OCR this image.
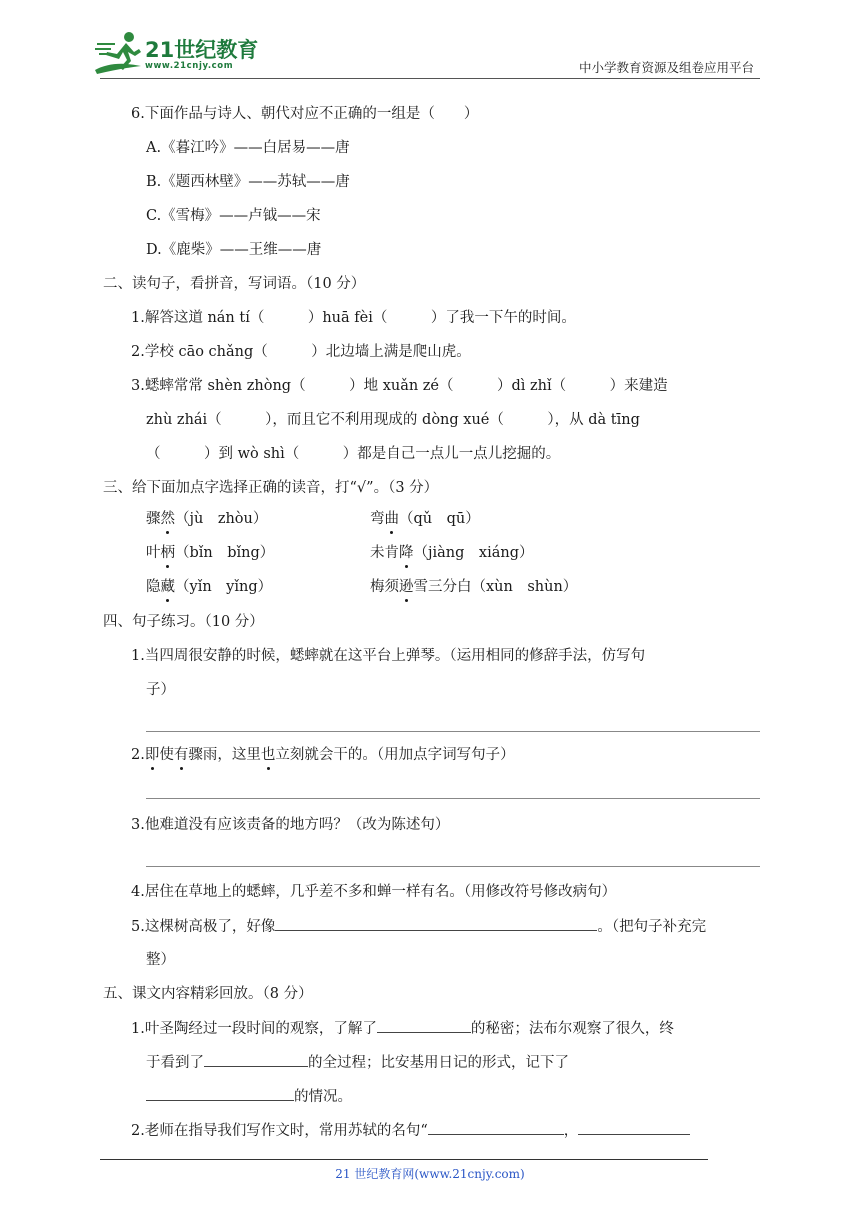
21世纪教育
www.21cnjy.com	中小学教育资源及组卷应用平台
6.下面作品与诗人、朝代对应不正确的一组是（　　）
A.《暮江吟》——白居易——唐
B.《题西林壁》——苏轼——唐
C.《雪梅》——卢钺——宋
D.《鹿柴》——王维——唐
二、读句子，看拼音，写词语。（10 分）
1.解答这道 nán tí（　　　）huā fèi（　　　）了我一下午的时间。
2.学校 cāo chǎng（　　　）北边墙上满是爬山虎。
3.蟋蟀常常 shèn zhòng（　　　）地 xuǎn zé（　　　）dì zhǐ（　　　）来建造
zhù zhái（　　　），而且它不利用现成的 dòng xué（　　　），从 dà tīng
（　　　）到 wò shì（　　　）都是自己一点儿一点儿挖掘的。
三、给下面加点字选择正确的读音，打“√”。（3 分）
骤然（jù　zhòu）	弯曲（qǔ　qū）
叶柄（bǐn　bǐng）	未肯降（jiàng　xiáng）
隐藏（yǐn　yǐng）	梅须逊雪三分白（xùn　shùn）
四、句子练习。（10 分）
1.当四周很安静的时候，蟋蟀就在这平台上弹琴。（运用相同的修辞手法，仿写句
子）
2.即使有骤雨，这里也立刻就会干的。（用加点字词写句子）
3.他难道没有应该责备的地方吗？（改为陈述句）
4.居住在草地上的蟋蟀，几乎差不多和蝉一样有名。（用修改符号修改病句）
5.这棵树高极了，好像	。（把句子补充完
整）
五、课文内容精彩回放。（8 分）
1.叶圣陶经过一段时间的观察，了解了	的秘密；法布尔观察了很久，终
于看到了	的全过程；比安基用日记的形式，记下了
的情况。
2.老师在指导我们写作文时，常用苏轼的名句“	，
21 世纪教育网(www.21cnjy.com)
